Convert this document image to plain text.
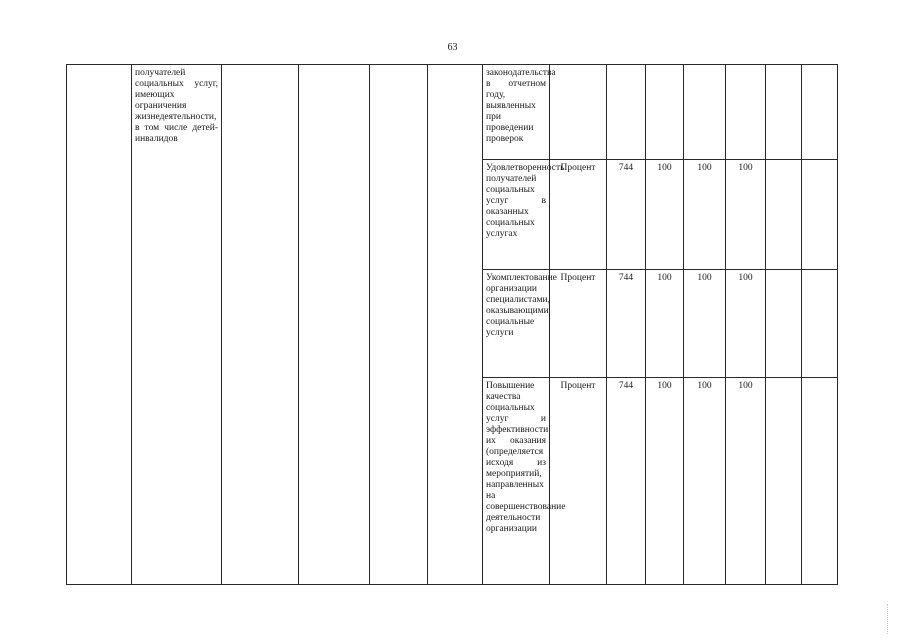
63
	получателей социальных услуг, имеющих ограничения жизнедеятельности, в том числе детей-инвалидов					законодательства в отчетном году, выявленных при проведении проверок							
						Удовлетворенность получателей социальных услуг в оказанных социальных услугах	Процент	744	100	100	100		
						Укомплектование организации специалистами, оказывающими социальные услуги	Процент	744	100	100	100		
						Повышение качества социальных услуг и эффективности их оказания (определяется исходя из мероприятий, направленных на совершенствование деятельности организации	Процент	744	100	100	100		
